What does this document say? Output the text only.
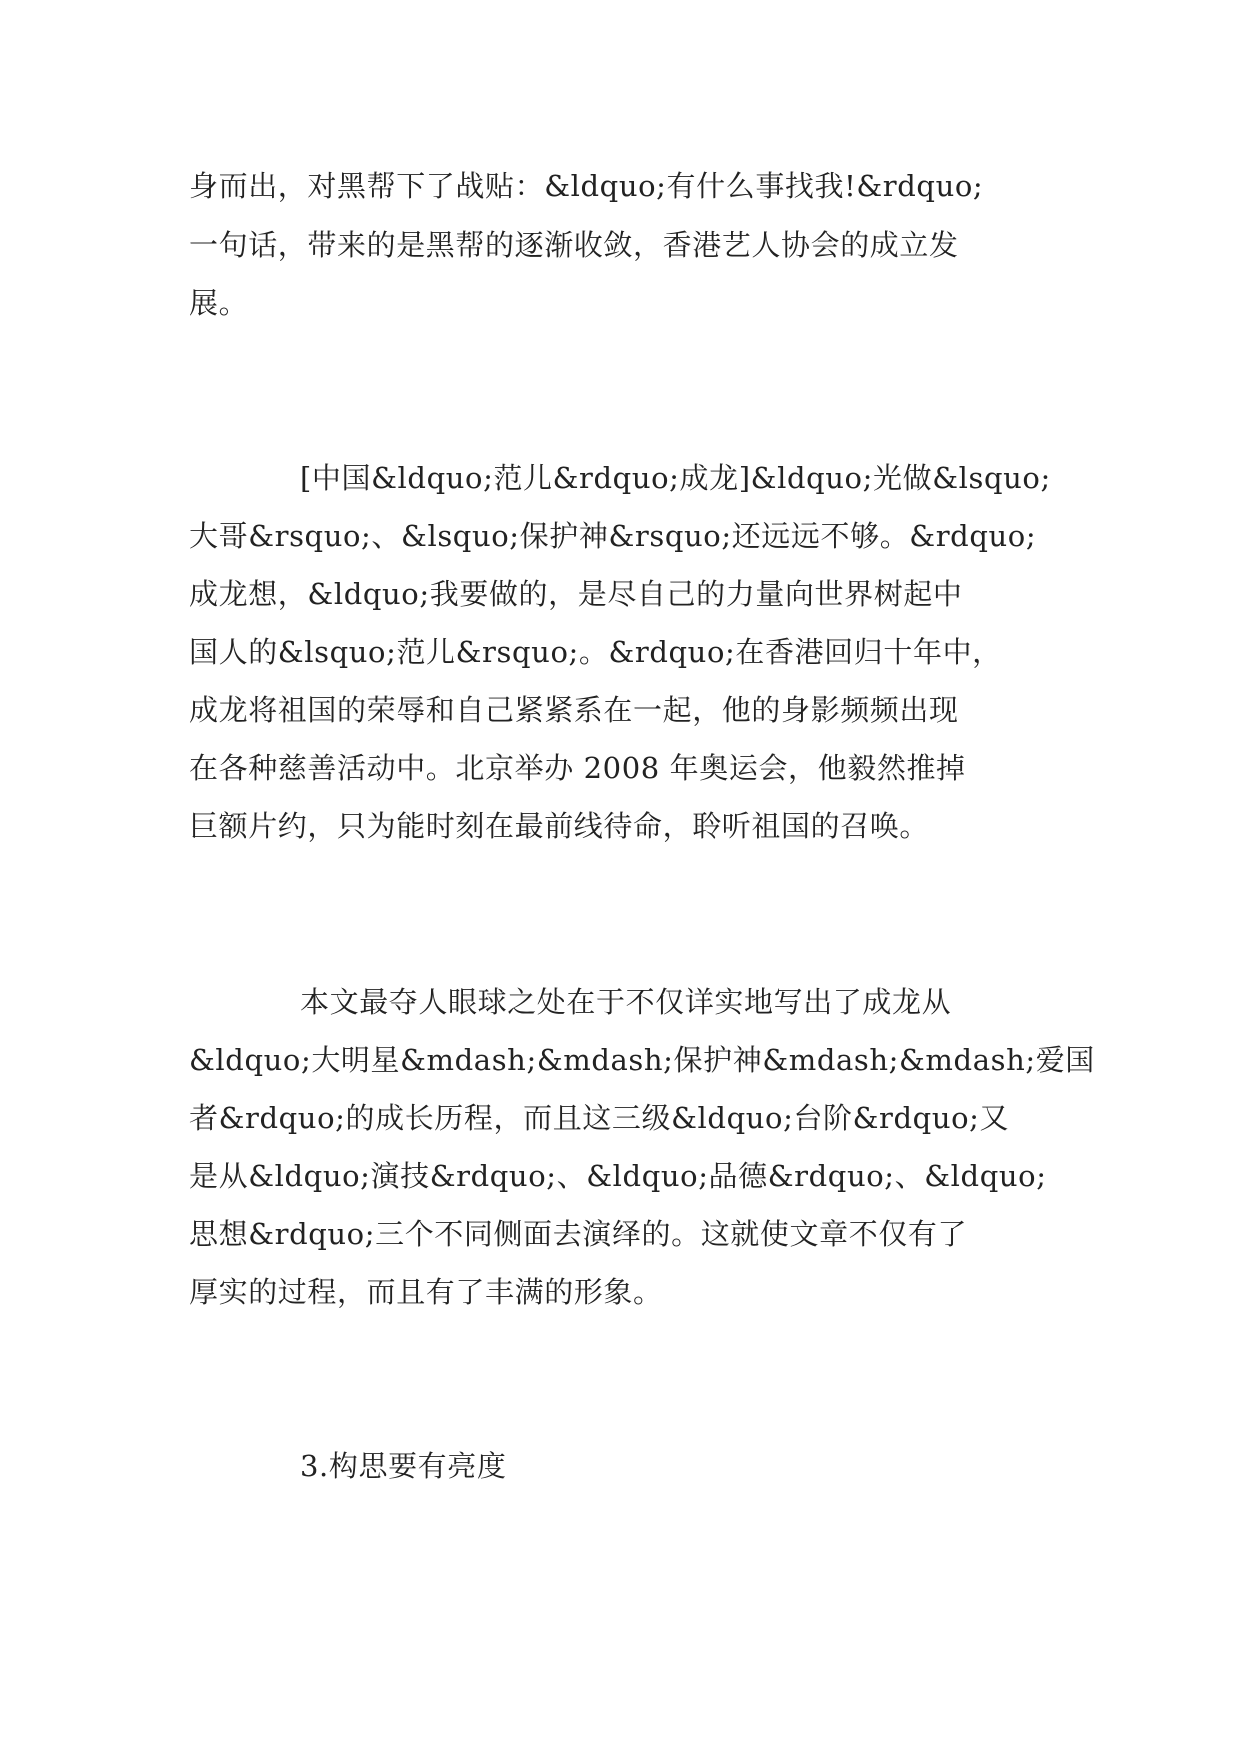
身而出，对黑帮下了战贴：&ldquo;有什么事找我!&rdquo;

一句话，带来的是黑帮的逐渐收敛，香港艺人协会的成立发

展。

[中国&ldquo;范儿&rdquo;成龙]&ldquo;光做&lsquo;

大哥&rsquo;、&lsquo;保护神&rsquo;还远远不够。&rdquo;

成龙想，&ldquo;我要做的，是尽自己的力量向世界树起中

国人的&lsquo;范儿&rsquo;。&rdquo;在香港回归十年中，

成龙将祖国的荣辱和自己紧紧系在一起，他的身影频频出现

在各种慈善活动中。北京举办 2008 年奥运会，他毅然推掉

巨额片约，只为能时刻在最前线待命，聆听祖国的召唤。

本文最夺人眼球之处在于不仅详实地写出了成龙从

&ldquo;大明星&mdash;&mdash;保护神&mdash;&mdash;爱国

者&rdquo;的成长历程，而且这三级&ldquo;台阶&rdquo;又

是从&ldquo;演技&rdquo;、&ldquo;品德&rdquo;、&ldquo;

思想&rdquo;三个不同侧面去演绎的。这就使文章不仅有了

厚实的过程，而且有了丰满的形象。

3.构思要有亮度
